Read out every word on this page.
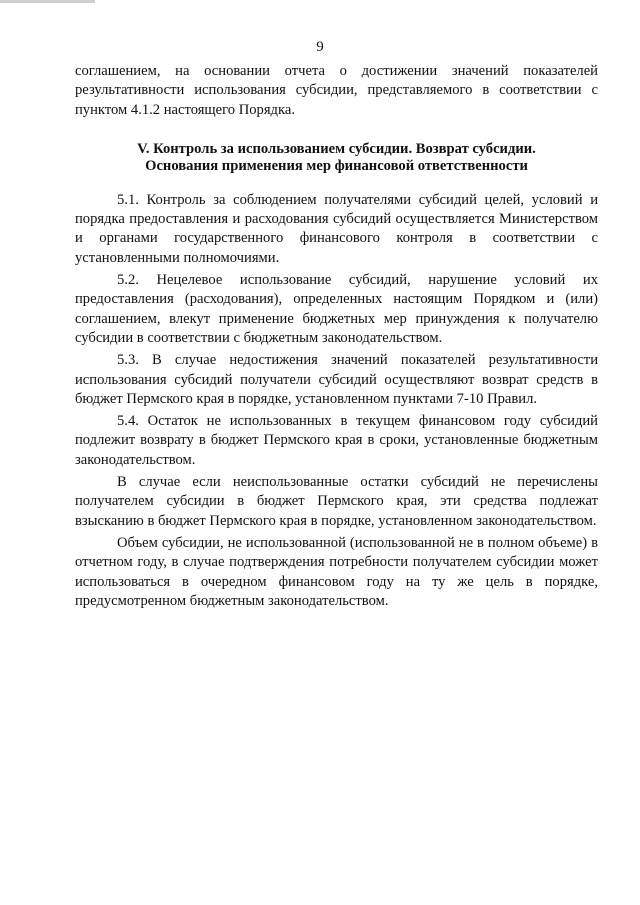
9

соглашением, на основании отчета о достижении значений показателей результативности использования субсидии, представляемого в соответствии с пунктом 4.1.2 настоящего Порядка.

V. Контроль за использованием субсидии. Возврат субсидии.
Основания применения мер финансовой ответственности

5.1. Контроль за соблюдением получателями субсидий целей, условий и порядка предоставления и расходования субсидий осуществляется Министерством и органами государственного финансового контроля в соответствии с установленными полномочиями.

5.2. Нецелевое использование субсидий, нарушение условий их предоставления (расходования), определенных настоящим Порядком и (или) соглашением, влекут применение бюджетных мер принуждения к получателю субсидии в соответствии с бюджетным законодательством.

5.3. В случае недостижения значений показателей результативности использования субсидий получатели субсидий осуществляют возврат средств в бюджет Пермского края в порядке, установленном пунктами 7-10 Правил.

5.4. Остаток не использованных в текущем финансовом году субсидий подлежит возврату в бюджет Пермского края в сроки, установленные бюджетным законодательством.

В случае если неиспользованные остатки субсидий не перечислены получателем субсидии в бюджет Пермского края, эти средства подлежат взысканию в бюджет Пермского края в порядке, установленном законодательством.

Объем субсидии, не использованной (использованной не в полном объеме) в отчетном году, в случае подтверждения потребности получателем субсидии может использоваться в очередном финансовом году на ту же цель в порядке, предусмотренном бюджетным законодательством.
